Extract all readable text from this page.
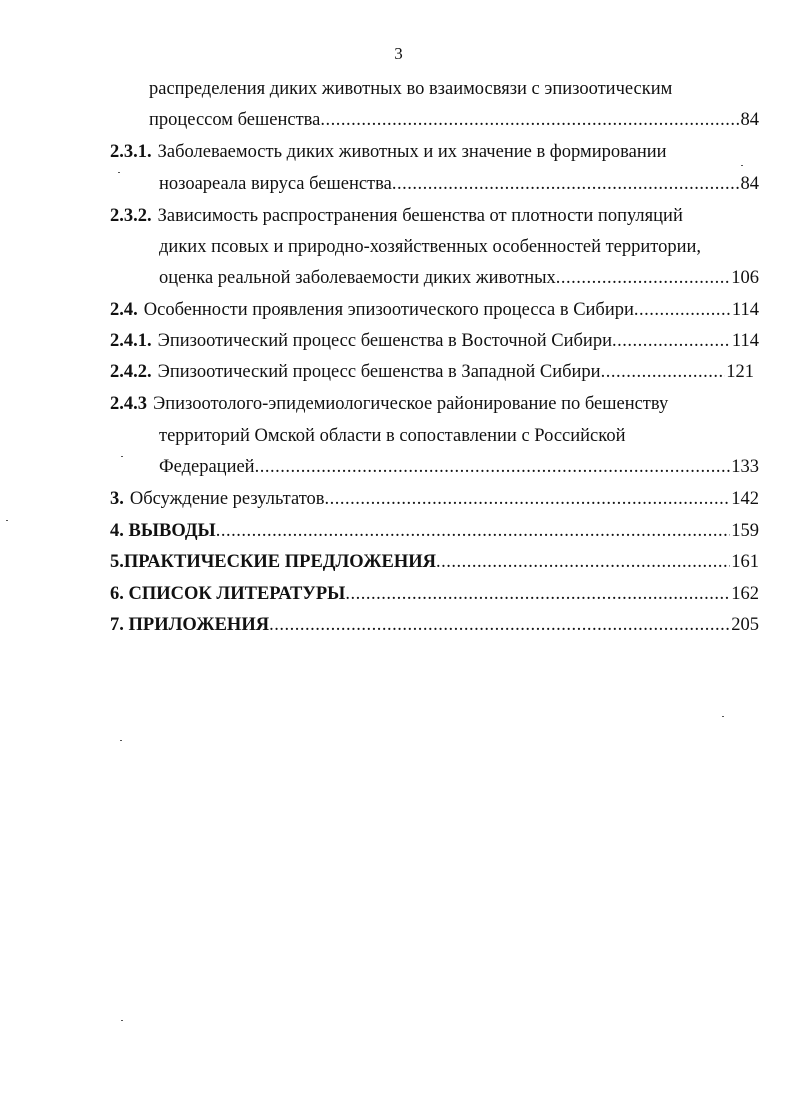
3
распределения диких животных во взаимосвязи с эпизоотическим
процессом бешенства .....	84
2.3.1. Заболеваемость диких животных и их значение в формировании
нозоареала вируса бешенства .....	84
2.3.2. Зависимость распространения бешенства от плотности популяций
диких псовых и природно-хозяйственных особенностей территории,
оценка реальной заболеваемости диких животных .....	106
2.4. Особенности проявления эпизоотического процесса в Сибири .....	114
2.4.1. Эпизоотический процесс бешенства в Восточной Сибири .....	114
2.4.2. Эпизоотический процесс бешенства в Западной Сибири .....	121
2.4.3 Эпизоотолого-эпидемиологическое районирование по бешенству
территорий Омской области в сопоставлении с Российской
Федерацией .....	133
3. Обсуждение результатов .....	142
4. ВЫВОДЫ .....	159
5.ПРАКТИЧЕСКИЕ ПРЕДЛОЖЕНИЯ .....	161
6. СПИСОК ЛИТЕРАТУРЫ .....	162
7. ПРИЛОЖЕНИЯ .....	205
